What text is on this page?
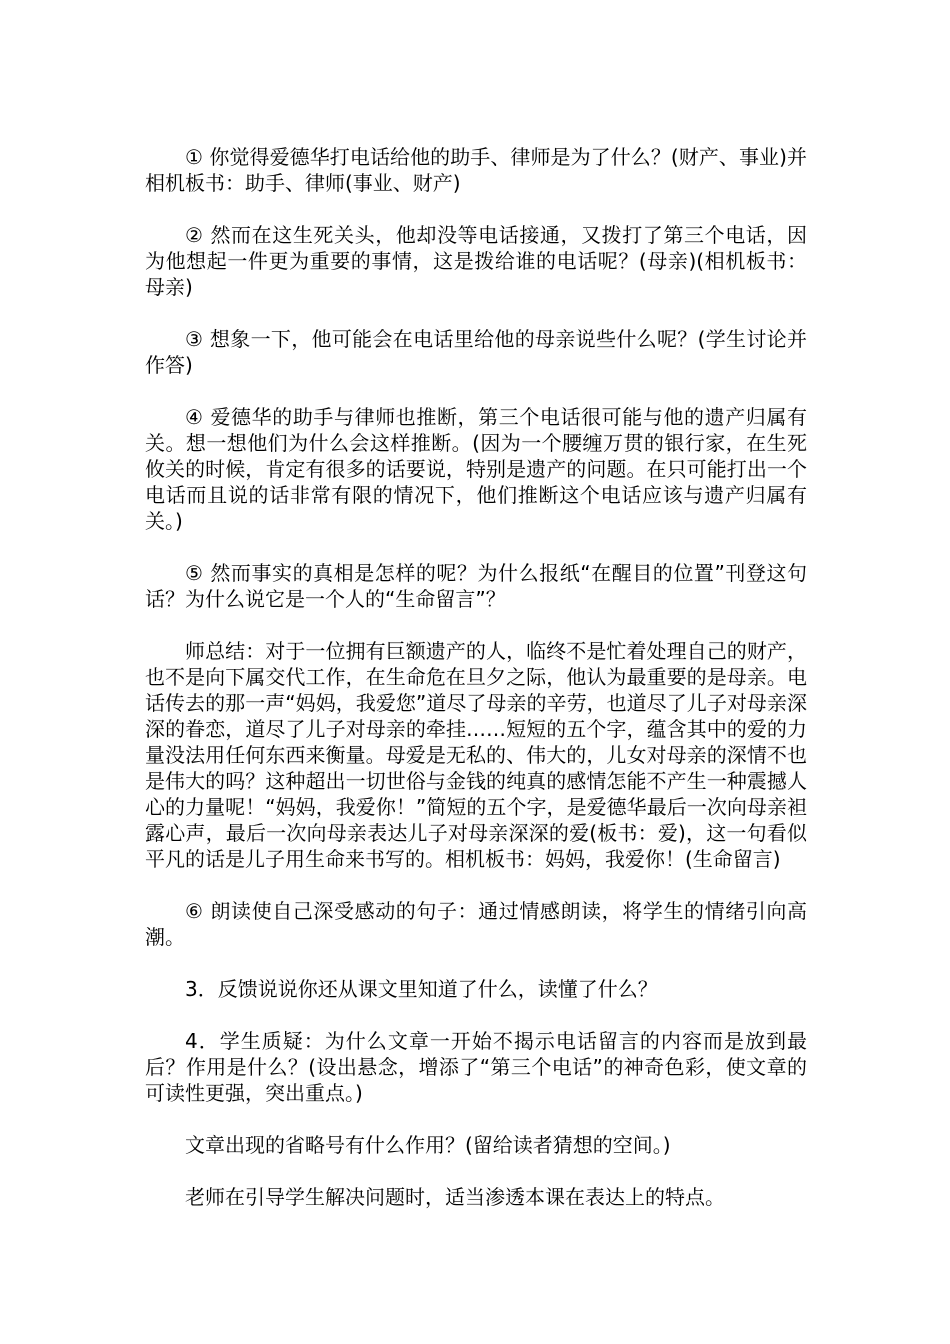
① 你觉得爱德华打电话给他的助手、律师是为了什么？(财产、事业)并相机板书：助手、律师(事业、财产)

② 然而在这生死关头，他却没等电话接通，又拨打了第三个电话，因为他想起一件更为重要的事情，这是拨给谁的电话呢？(母亲)(相机板书：母亲)

③ 想象一下，他可能会在电话里给他的母亲说些什么呢？(学生讨论并作答)

④ 爱德华的助手与律师也推断，第三个电话很可能与他的遗产归属有关。想一想他们为什么会这样推断。(因为一个腰缠万贯的银行家，在生死攸关的时候，肯定有很多的话要说，特别是遗产的问题。在只可能打出一个电话而且说的话非常有限的情况下，他们推断这个电话应该与遗产归属有关。)

⑤ 然而事实的真相是怎样的呢？为什么报纸“在醒目的位置”刊登这句话？为什么说它是一个人的“生命留言”？

师总结：对于一位拥有巨额遗产的人，临终不是忙着处理自己的财产，也不是向下属交代工作，在生命危在旦夕之际，他认为最重要的是母亲。电话传去的那一声“妈妈，我爱您”道尽了母亲的辛劳，也道尽了儿子对母亲深深的眷恋，道尽了儿子对母亲的牵挂……短短的五个字，蕴含其中的爱的力量没法用任何东西来衡量。母爱是无私的、伟大的，儿女对母亲的深情不也是伟大的吗？这种超出一切世俗与金钱的纯真的感情怎能不产生一种震撼人心的力量呢！“妈妈，我爱你！”简短的五个字，是爱德华最后一次向母亲袒露心声，最后一次向母亲表达儿子对母亲深深的爱(板书：爱)，这一句看似平凡的话是儿子用生命来书写的。相机板书：妈妈，我爱你！(生命留言)

⑥ 朗读使自己深受感动的句子：通过情感朗读，将学生的情绪引向高潮。

3．反馈说说你还从课文里知道了什么，读懂了什么？

4．学生质疑：为什么文章一开始不揭示电话留言的内容而是放到最后？作用是什么？(设出悬念，增添了“第三个电话”的神奇色彩，使文章的可读性更强，突出重点。)

文章出现的省略号有什么作用？(留给读者猜想的空间。)

老师在引导学生解决问题时，适当渗透本课在表达上的特点。
